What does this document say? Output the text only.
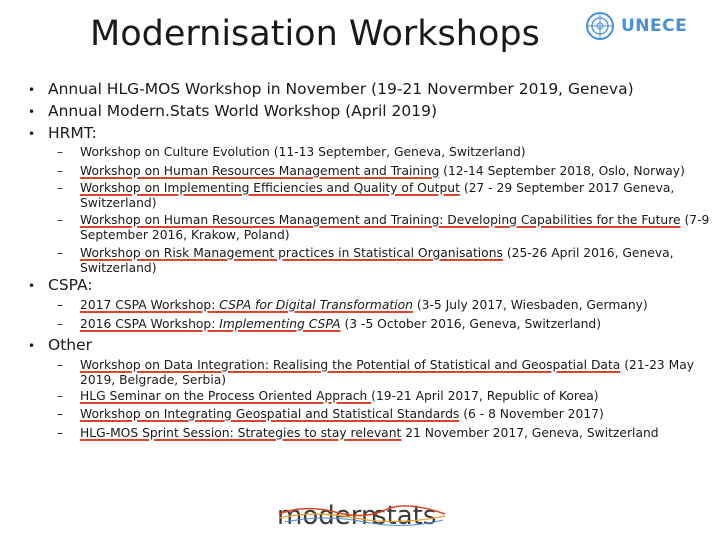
Modernisation Workshops	UNECE
• Annual HLG-MOS Workshop in November (19-21 Novermber 2019, Geneva)
• Annual Modern.Stats World Workshop (April 2019)
• HRMT:
– Workshop on Culture Evolution (11-13 September, Geneva, Switzerland)
– Workshop on Human Resources Management and Training (12-14 September 2018, Oslo, Norway)
– Workshop on Implementing Efficiencies and Quality of Output (27 - 29 September 2017 Geneva, Switzerland)
– Workshop on Human Resources Management and Training: Developing Capabilities for the Future (7-9 September 2016, Krakow, Poland)
– Workshop on Risk Management practices in Statistical Organisations (25-26 April 2016, Geneva, Switzerland)
• CSPA:
– 2017 CSPA Workshop: CSPA for Digital Transformation (3-5 July 2017, Wiesbaden, Germany)
– 2016 CSPA Workshop: Implementing CSPA (3 -5 October 2016, Geneva, Switzerland)
• Other
– Workshop on Data Integration: Realising the Potential of Statistical and Geospatial Data (21-23 May 2019, Belgrade, Serbia)
– HLG Seminar on the Process Oriented Apprach (19-21 April 2017, Republic of Korea)
– Workshop on Integrating Geospatial and Statistical Standards (6 - 8 November 2017)
– HLG-MOS Sprint Session: Strategies to stay relevant 21 November 2017, Geneva, Switzerland
modern
stats
